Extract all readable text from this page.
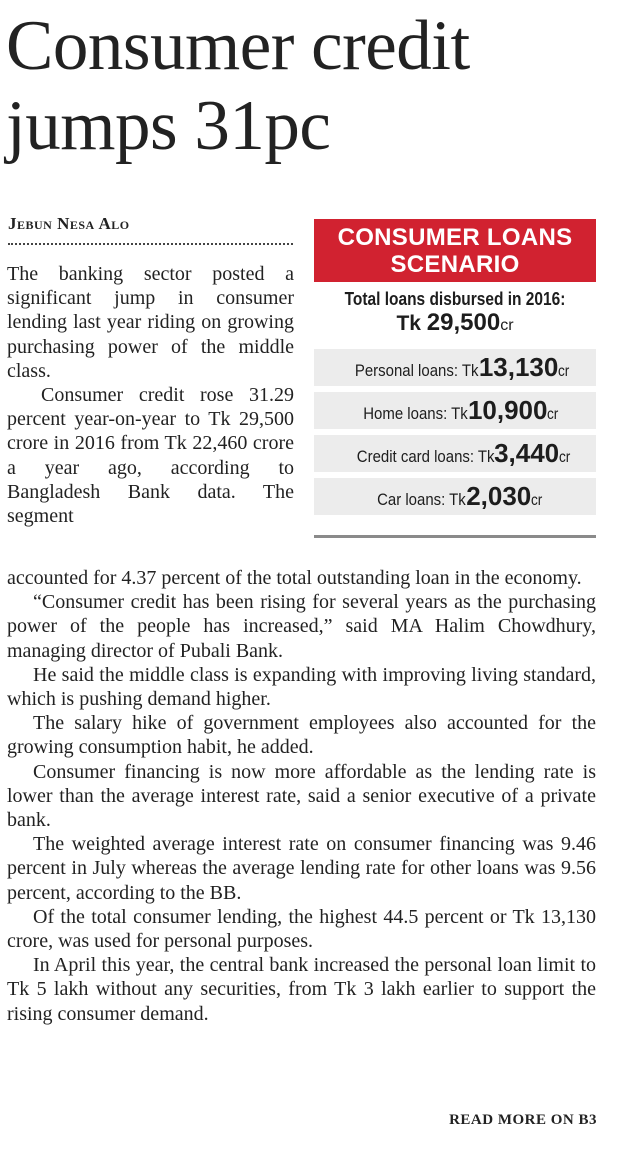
Consumer credit
jumps 31pc
Jebun Nesa Alo

The banking sector posted a significant jump in consumer lending last year riding on growing purchasing power of the middle class.

Consumer credit rose 31.29 percent year-on-year to Tk 29,500 crore in 2016 from Tk 22,460 crore a year ago, according to Bangladesh Bank data. The segment

CONSUMER LOANS
SCENARIO
Total loans disbursed in 2016:
Tk 29,500cr
Personal loans: Tk13,130cr
Home loans: Tk10,900cr
Credit card loans: Tk3,440cr
Car loans: Tk2,030cr

accounted for 4.37 percent of the total outstanding loan in the economy.

“Consumer credit has been rising for several years as the purchasing power of the people has increased,” said MA Halim Chowdhury, managing director of Pubali Bank.

He said the middle class is expanding with improving living standard, which is pushing demand higher.

The salary hike of government employees also accounted for the growing consumption habit, he added.

Consumer financing is now more affordable as the lending rate is lower than the average interest rate, said a senior executive of a private bank.

The weighted average interest rate on consumer financing was 9.46 percent in July whereas the average lending rate for other loans was 9.56 percent, according to the BB.

Of the total consumer lending, the highest 44.5 percent or Tk 13,130 crore, was used for personal purposes.

In April this year, the central bank increased the personal loan limit to Tk 5 lakh without any securities, from Tk 3 lakh earlier to support the rising consumer demand.

READ MORE ON B3
